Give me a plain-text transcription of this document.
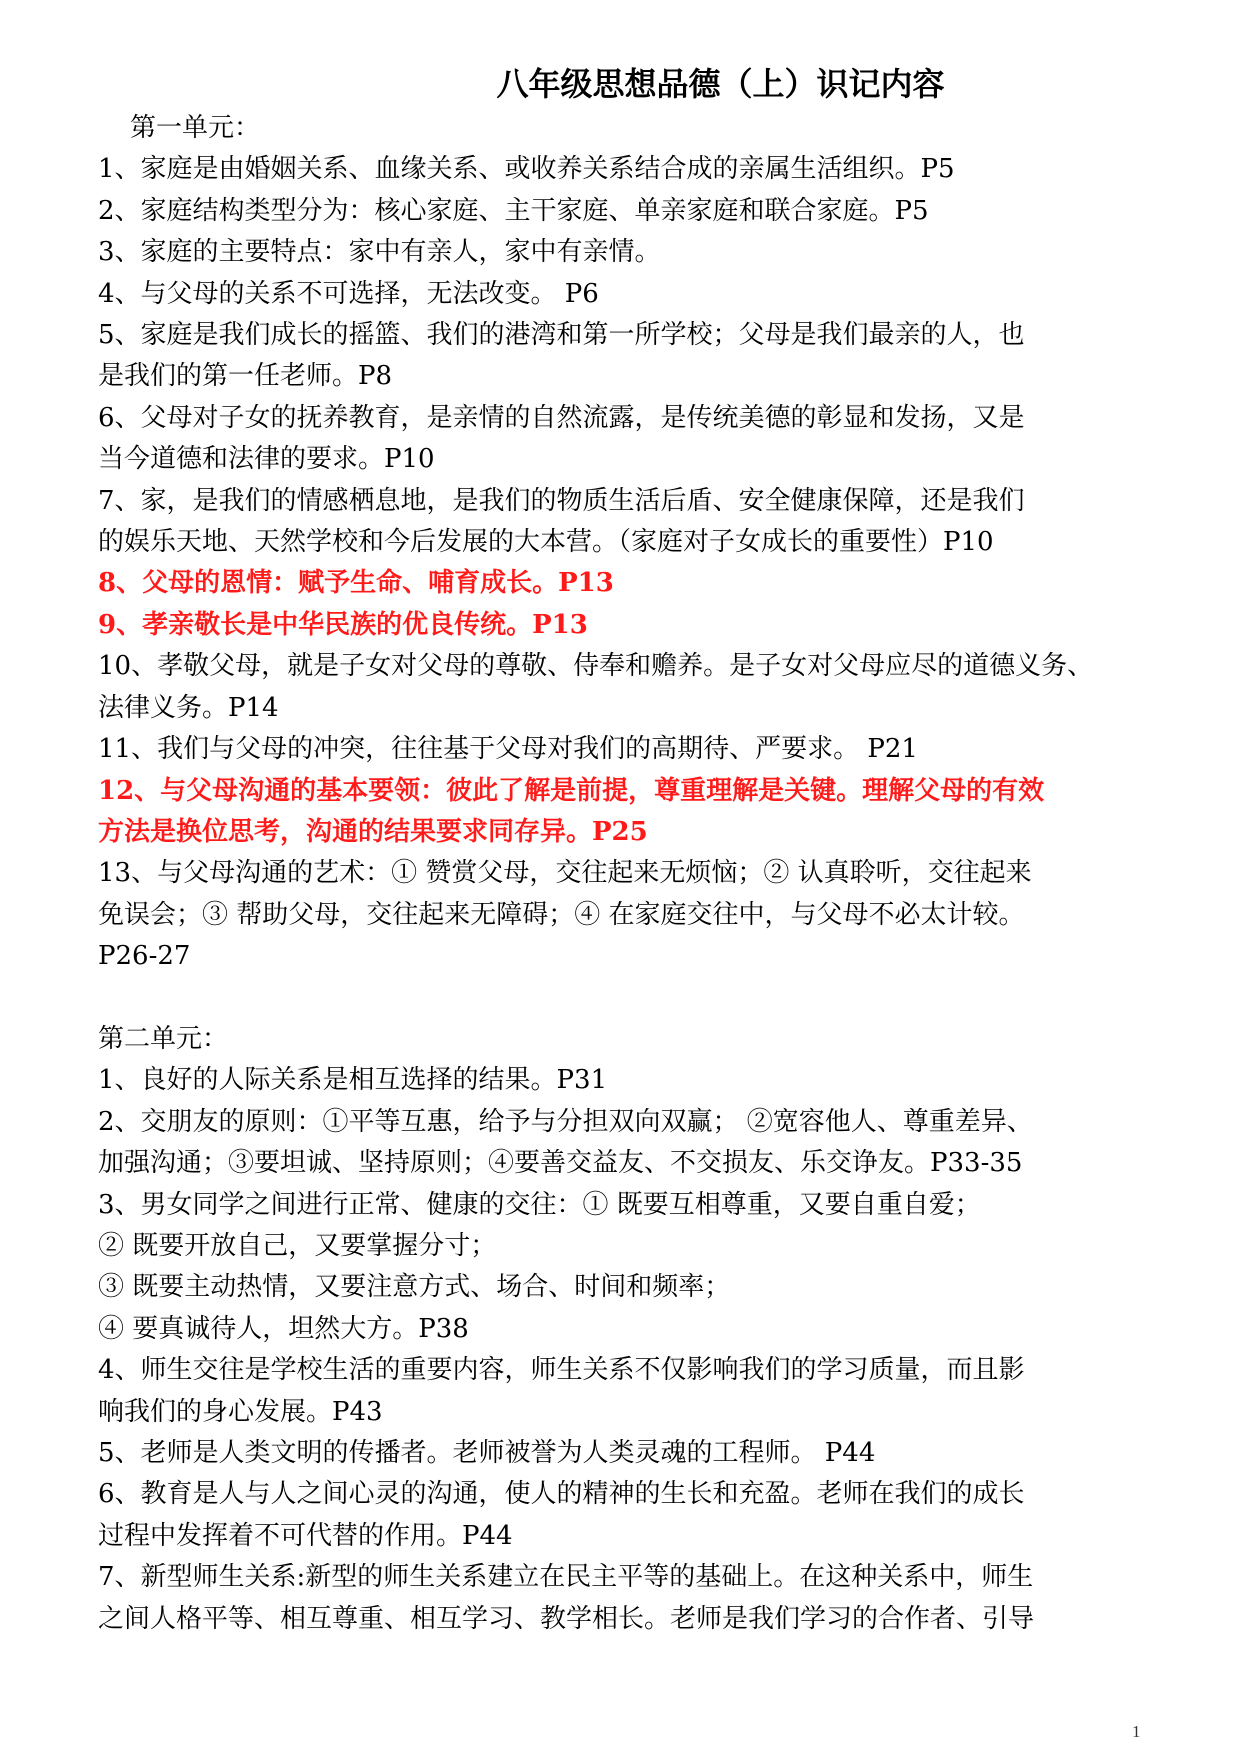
八年级思想品德（上）识记内容
第一单元：
1、家庭是由婚姻关系、血缘关系、或收养关系结合成的亲属生活组织。P5
2、家庭结构类型分为：核心家庭、主干家庭、单亲家庭和联合家庭。P5
3、家庭的主要特点：家中有亲人，家中有亲情。
4、与父母的关系不可选择，无法改变。 P6
5、家庭是我们成长的摇篮、我们的港湾和第一所学校；父母是我们最亲的人，也
是我们的第一任老师。P8
6、父母对子女的抚养教育，是亲情的自然流露，是传统美德的彰显和发扬，又是
当今道德和法律的要求。P10
7、家，是我们的情感栖息地，是我们的物质生活后盾、安全健康保障，还是我们
的娱乐天地、天然学校和今后发展的大本营。（家庭对子女成长的重要性）P10
8、父母的恩情：赋予生命、哺育成长。P13
9、孝亲敬长是中华民族的优良传统。P13
10、孝敬父母，就是子女对父母的尊敬、侍奉和赡养。是子女对父母应尽的道德义务、
法律义务。P14
11、我们与父母的冲突，往往基于父母对我们的高期待、严要求。 P21
12、与父母沟通的基本要领：彼此了解是前提，尊重理解是关键。理解父母的有效
方法是换位思考，沟通的结果要求同存异。P25
13、与父母沟通的艺术：① 赞赏父母，交往起来无烦恼；② 认真聆听，交往起来
免误会；③ 帮助父母，交往起来无障碍；④ 在家庭交往中，与父母不必太计较。
P26-27
第二单元：
1、良好的人际关系是相互选择的结果。P31
2、交朋友的原则：①平等互惠，给予与分担双向双赢； ②宽容他人、尊重差异、
加强沟通；③要坦诚、坚持原则；④要善交益友、不交损友、乐交诤友。P33-35
3、男女同学之间进行正常、健康的交往：① 既要互相尊重，又要自重自爱；
② 既要开放自己，又要掌握分寸；
③ 既要主动热情，又要注意方式、场合、时间和频率；
④ 要真诚待人，坦然大方。P38
4、师生交往是学校生活的重要内容，师生关系不仅影响我们的学习质量，而且影
响我们的身心发展。P43
5、老师是人类文明的传播者。老师被誉为人类灵魂的工程师。 P44
6、教育是人与人之间心灵的沟通，使人的精神的生长和充盈。老师在我们的成长
过程中发挥着不可代替的作用。P44
7、新型师生关系:新型的师生关系建立在民主平等的基础上。在这种关系中，师生
之间人格平等、相互尊重、相互学习、教学相长。老师是我们学习的合作者、引导
1
